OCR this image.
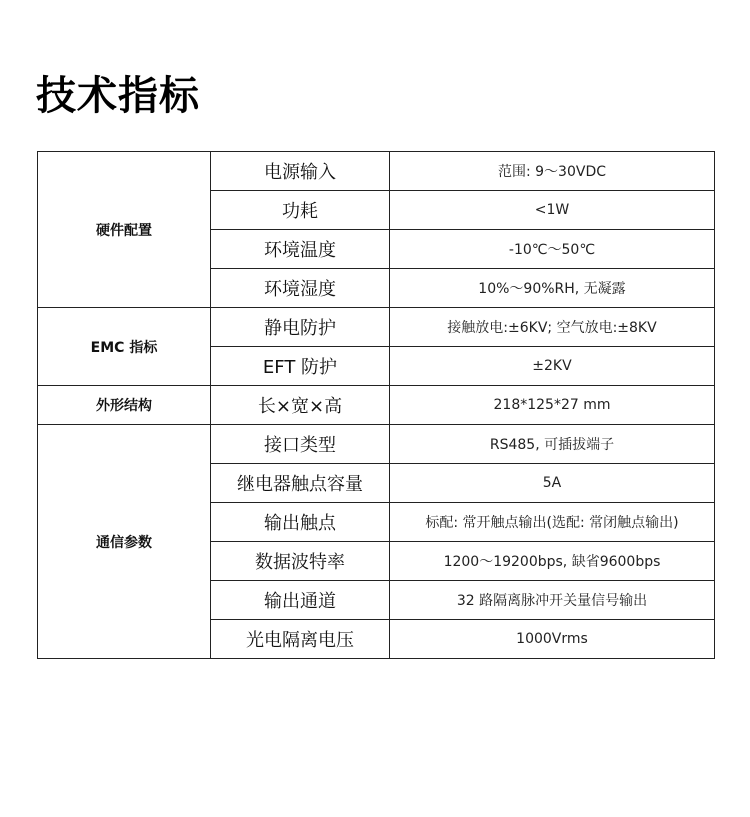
技术指标
硬件配置	电源输入	范围: 9～30VDC
	功耗	<1W
	环境温度	-10℃～50℃
	环境湿度	10%～90%RH, 无凝露
EMC 指标	静电防护	接触放电:±6KV; 空气放电:±8KV
	EFT 防护	±2KV
外形结构	长×宽×高	218*125*27 mm
通信参数	接口类型	RS485, 可插拔端子
	继电器触点容量	5A
	输出触点	标配: 常开触点输出(选配: 常闭触点输出)
	数据波特率	1200～19200bps, 缺省9600bps
	输出通道	32 路隔离脉冲开关量信号输出
	光电隔离电压	1000Vrms
